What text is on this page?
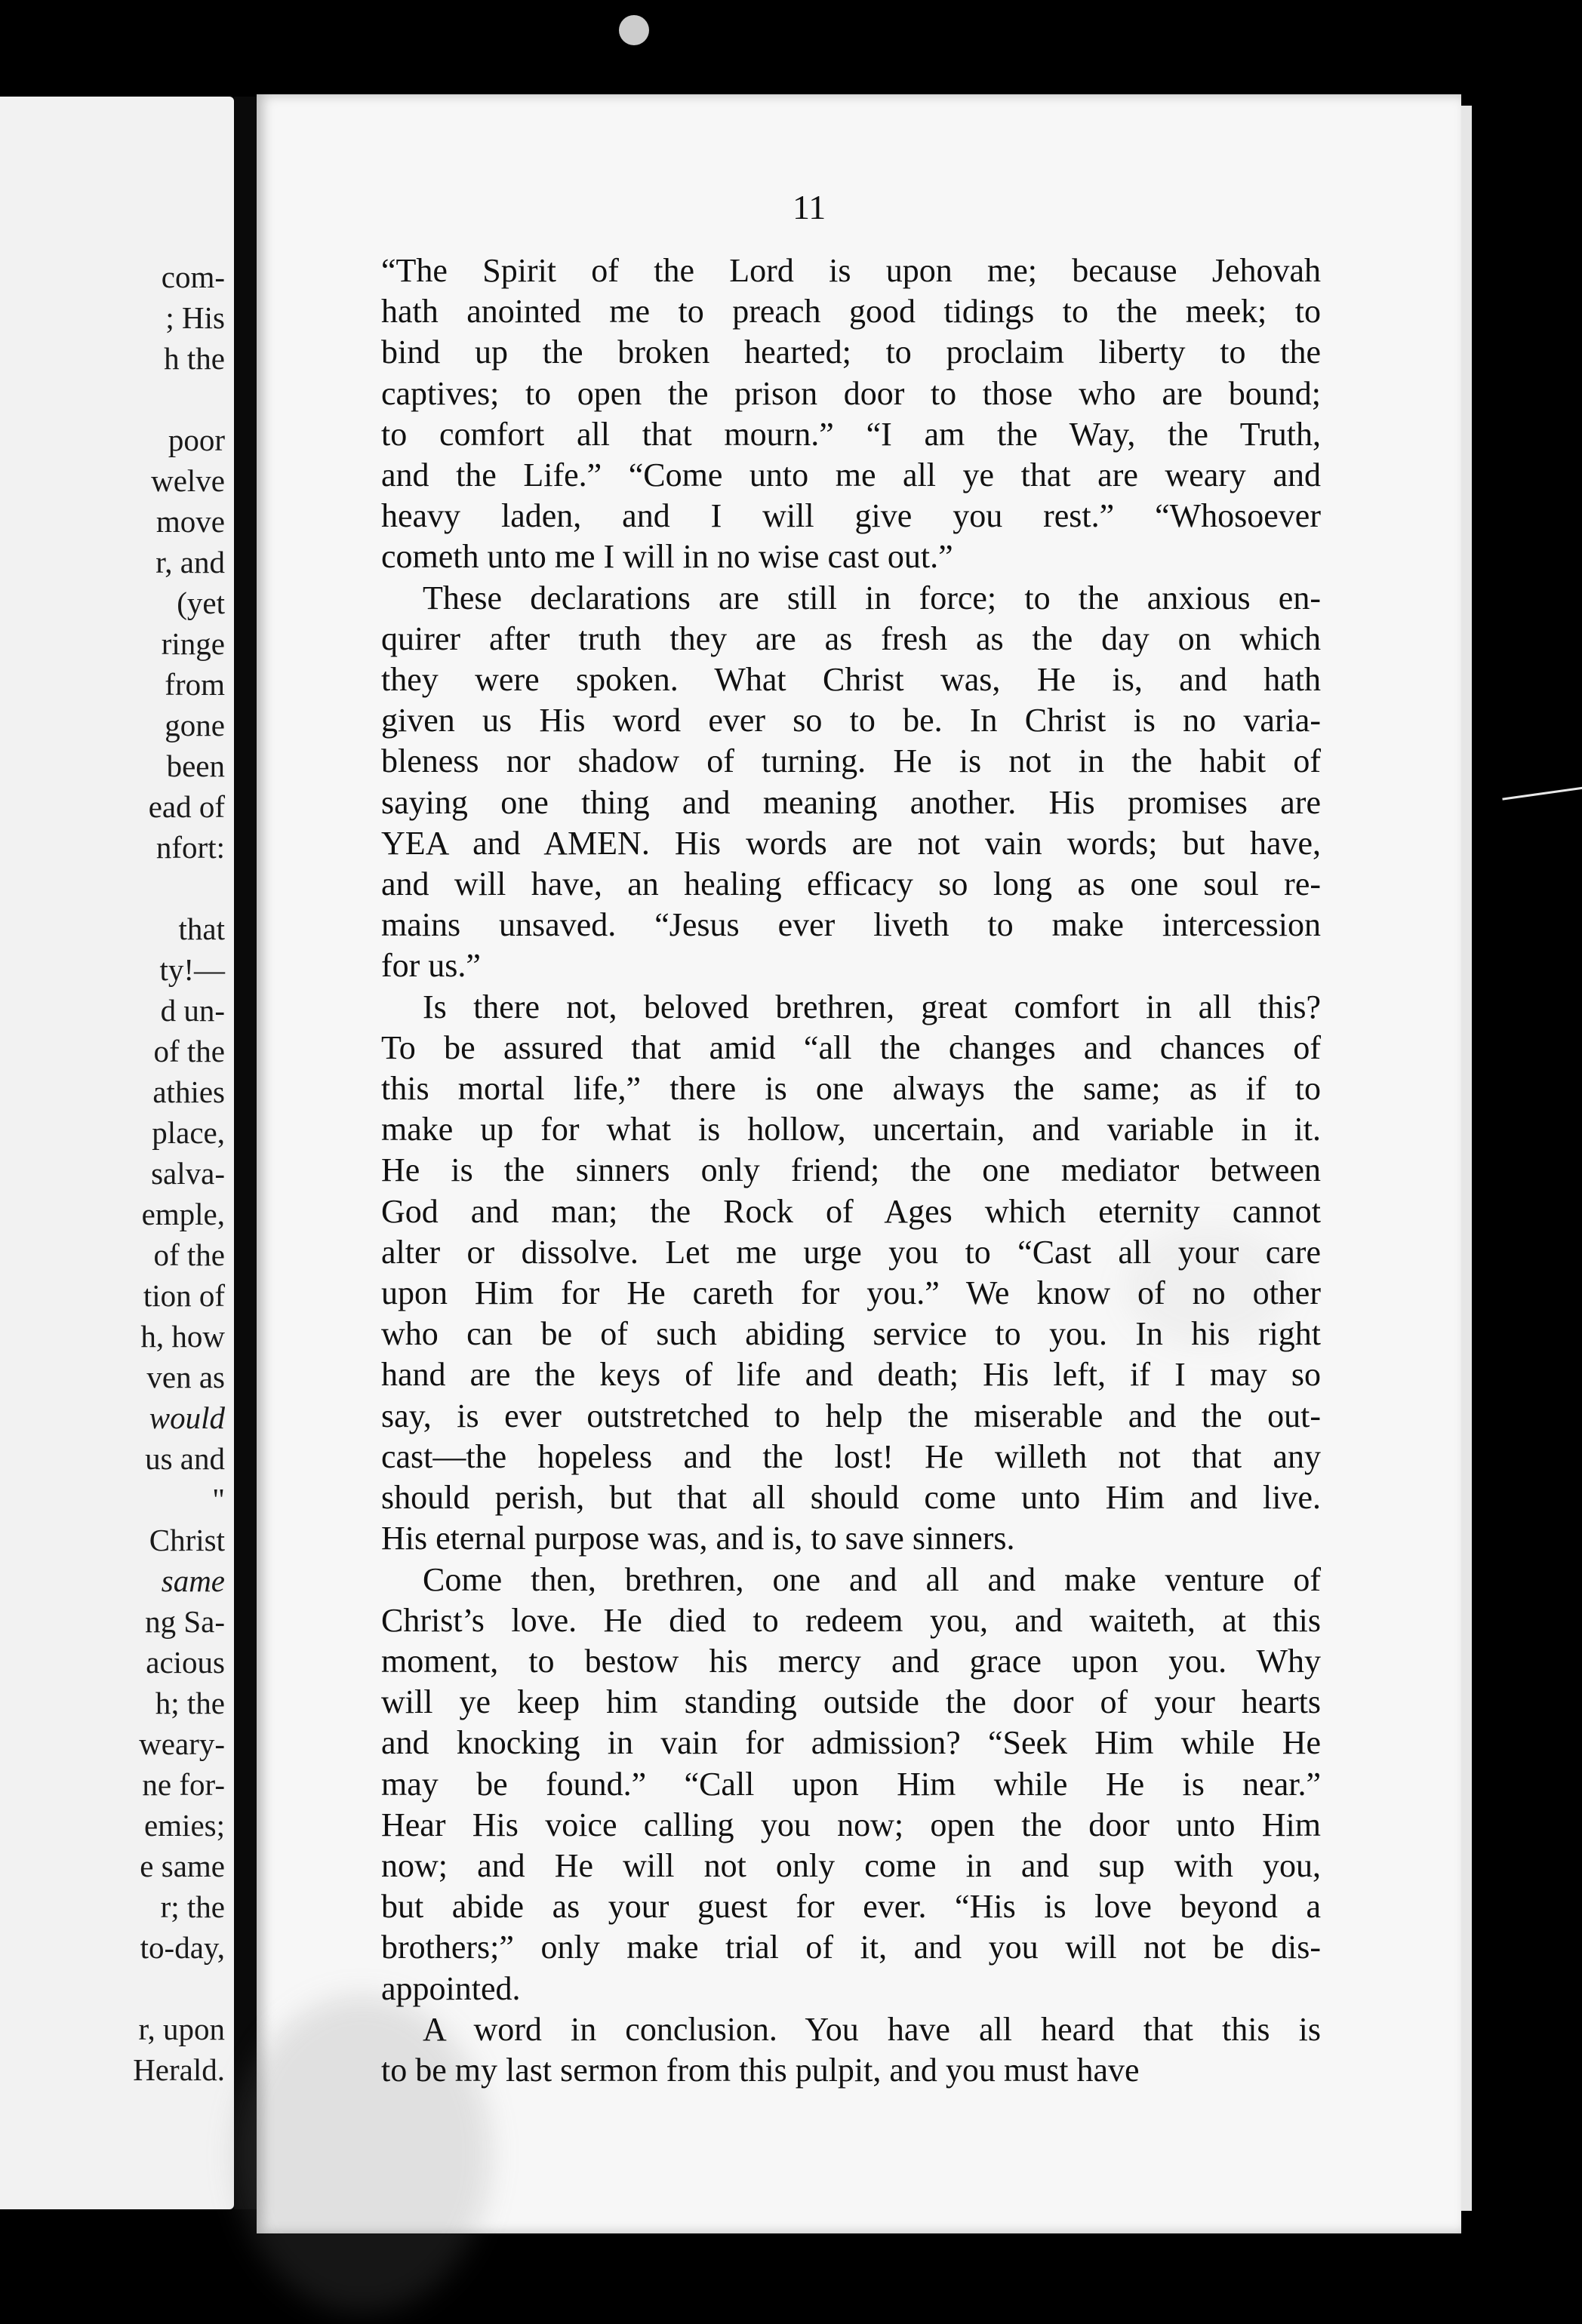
com-
; His
h the

poor
welve
move
r, and
(yet
ringe
from
gone
been
ead of
nfort:

that
ty!—
d un-
of the
athies
place,
salva-
emple,
of the
tion of
h, how
ven as
would
us and
"
Christ
same
ng Sa-
acious
h; the
weary-
ne for-
emies;
e same
r; the
to-day,

r, upon
Herald.
11
“The Spirit of the Lord is upon me; because Jehovah
hath anointed me to preach good tidings to the meek; to
bind up the broken hearted; to proclaim liberty to the
captives; to open the prison door to those who are bound;
to comfort all that mourn.” “I am the Way, the Truth,
and the Life.” “Come unto me all ye that are weary and
heavy laden, and I will give you rest.” “Whosoever
cometh unto me I will in no wise cast out.”
These declarations are still in force; to the anxious en-
quirer after truth they are as fresh as the day on which
they were spoken. What Christ was, He is, and hath
given us His word ever so to be. In Christ is no varia-
bleness nor shadow of turning. He is not in the habit of
saying one thing and meaning another. His promises are
YEA and AMEN. His words are not vain words; but have,
and will have, an healing efficacy so long as one soul re-
mains unsaved. “Jesus ever liveth to make intercession
for us.”
Is there not, beloved brethren, great comfort in all this?
To be assured that amid “all the changes and chances of
this mortal life,” there is one always the same; as if to
make up for what is hollow, uncertain, and variable in it.
He is the sinners only friend; the one mediator between
God and man; the Rock of Ages which eternity cannot
alter or dissolve. Let me urge you to “Cast all your care
upon Him for He careth for you.” We know of no other
who can be of such abiding service to you. In his right
hand are the keys of life and death; His left, if I may so
say, is ever outstretched to help the miserable and the out-
cast—the hopeless and the lost! He willeth not that any
should perish, but that all should come unto Him and live.
His eternal purpose was, and is, to save sinners.
Come then, brethren, one and all and make venture of
Christ’s love. He died to redeem you, and waiteth, at this
moment, to bestow his mercy and grace upon you. Why
will ye keep him standing outside the door of your hearts
and knocking in vain for admission? “Seek Him while He
may be found.” “Call upon Him while He is near.”
Hear His voice calling you now; open the door unto Him
now; and He will not only come in and sup with you,
but abide as your guest for ever. “His is love beyond a
brothers;” only make trial of it, and you will not be dis-
appointed.
A word in conclusion. You have all heard that this is
to be my last sermon from this pulpit, and you must have
